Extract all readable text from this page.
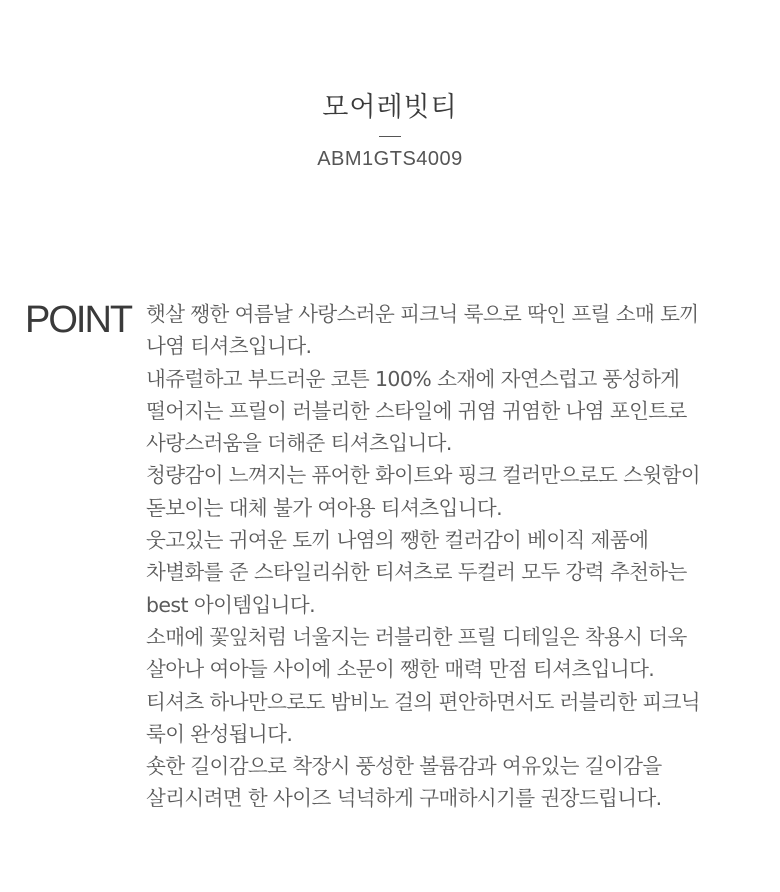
모어레빗티
ABM1GTS4009
POINT 햇살 쨍한 여름날 사랑스러운 피크닉 룩으로 딱인 프릴 소매 토끼
나염 티셔츠입니다.
내쥬럴하고 부드러운 코튼 100% 소재에 자연스럽고 풍성하게
떨어지는 프릴이 러블리한 스타일에 귀염 귀염한 나염 포인트로
사랑스러움을 더해준 티셔츠입니다.
청량감이 느껴지는 퓨어한 화이트와 핑크 컬러만으로도 스윗함이
돋보이는 대체 불가 여아용 티셔츠입니다.
웃고있는 귀여운 토끼 나염의 쨍한 컬러감이 베이직 제품에
차별화를 준 스타일리쉬한 티셔츠로 두컬러 모두 강력 추천하는
best 아이템입니다.
소매에 꽃잎처럼 너울지는 러블리한 프릴 디테일은 착용시 더욱
살아나 여아들 사이에 소문이 쨍한 매력 만점 티셔츠입니다.
티셔츠 하나만으로도 밤비노 걸의 편안하면서도 러블리한 피크닉
룩이 완성됩니다.
숏한 길이감으로 착장시 풍성한 볼륨감과 여유있는 길이감을
살리시려면 한 사이즈 넉넉하게 구매하시기를 권장드립니다.
